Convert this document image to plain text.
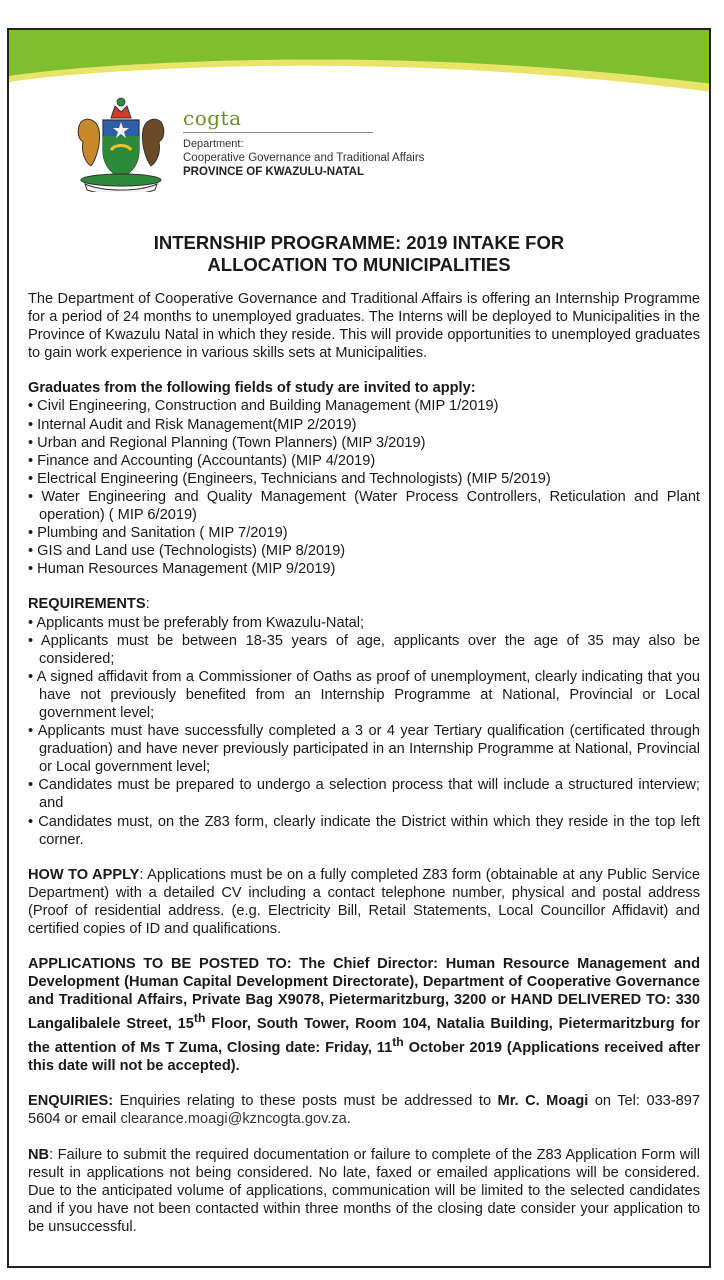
cogta
Department:
Cooperative Governance and Traditional Affairs
PROVINCE OF KWAZULU-NATAL
INTERNSHIP PROGRAMME: 2019 INTAKE FOR
ALLOCATION TO MUNICIPALITIES

The Department of Cooperative Governance and Traditional Affairs is offering an Internship Programme for a period of 24 months to unemployed graduates. The Interns will be deployed to Municipalities in the Province of Kwazulu Natal in which they reside. This will provide opportunities to unemployed graduates to gain work experience in various skills sets at Municipalities.

Graduates from the following fields of study are invited to apply:

• Civil Engineering, Construction and Building Management (MIP 1/2019)

• Internal Audit and Risk Management(MIP 2/2019)

• Urban and Regional Planning (Town Planners) (MIP 3/2019)

• Finance and Accounting (Accountants) (MIP 4/2019)

• Electrical Engineering (Engineers, Technicians and Technologists) (MIP 5/2019)

• Water Engineering and Quality Management (Water Process Controllers, Reticulation and Plant operation) ( MIP 6/2019)

• Plumbing and Sanitation ( MIP 7/2019)

• GIS and Land use (Technologists) (MIP 8/2019)

• Human Resources Management (MIP 9/2019)

REQUIREMENTS:

• Applicants must be preferably from Kwazulu-Natal;

• Applicants must be between 18-35 years of age, applicants over the age of 35 may also be considered;

• A signed affidavit from a Commissioner of Oaths as proof of unemployment, clearly indicating that you have not previously benefited from an Internship Programme at National, Provincial or Local government level;

• Applicants must have successfully completed a 3 or 4 year Tertiary qualification (certificated through graduation) and have never previously participated in an Internship Programme at National, Provincial or Local government level;

• Candidates must be prepared to undergo a selection process that will include a structured interview; and

• Candidates must, on the Z83 form, clearly indicate the District within which they reside in the top left corner.

HOW TO APPLY: Applications must be on a fully completed Z83 form (obtainable at any Public Service Department) with a detailed CV including a contact telephone number, physical and postal address (Proof of residential address. (e.g. Electricity Bill, Retail Statements, Local Councillor Affidavit) and certified copies of ID and qualifications.

APPLICATIONS TO BE POSTED TO: The Chief Director: Human Resource Management and Development (Human Capital Development Directorate), Department of Cooperative Governance and Traditional Affairs, Private Bag X9078, Pietermaritzburg, 3200 or HAND DELIVERED TO: 330 Langalibalele Street, 15th Floor, South Tower, Room 104, Natalia Building, Pietermaritzburg for the attention of Ms T Zuma, Closing date: Friday, 11th October 2019 (Applications received after this date will not be accepted).

ENQUIRIES: Enquiries relating to these posts must be addressed to Mr. C. Moagi on Tel: 033-897 5604 or email clearance.moagi@kzncogta.gov.za.

NB: Failure to submit the required documentation or failure to complete of the Z83 Application Form will result in applications not being considered. No late, faxed or emailed applications will be considered. Due to the anticipated volume of applications, communication will be limited to the selected candidates and if you have not been contacted within three months of the closing date consider your application to be unsuccessful.
